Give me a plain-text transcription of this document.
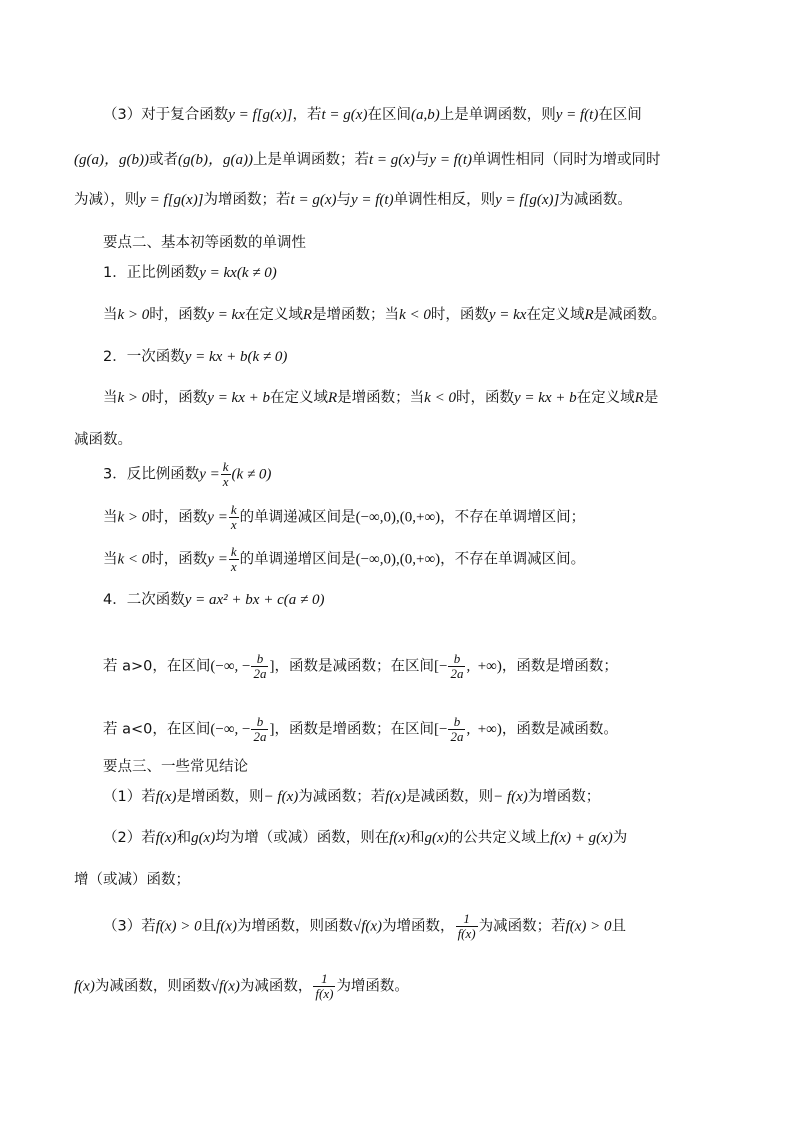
（3）对于复合函数y = f[g(x)]，若t = g(x)在区间(a,b)上是单调函数，则y = f(t)在区间
(g(a)，g(b))或者(g(b)，g(a))上是单调函数；若t = g(x)与y = f(t)单调性相同（同时为增或同时
为减），则y = f[g(x)]为增函数；若t = g(x)与y = f(t)单调性相反，则y = f[g(x)]为减函数。
要点二、基本初等函数的单调性
1．正比例函数y = kx(k ≠ 0)
当k > 0时，函数y = kx在定义域R是增函数；当k < 0时，函数y = kx在定义域R是减函数。
2．一次函数y = kx + b(k ≠ 0)
当k > 0时，函数y = kx + b在定义域R是增函数；当k < 0时，函数y = kx + b在定义域R是
减函数。
3．反比例函数$y = \frac{k}{x} (k \ne 0)$
当k > 0时，函数$y = \frac{k}{x}$ 的单调递减区间是(−∞,0),(0,+∞)，不存在单调增区间；
当k < 0时，函数$y = \frac{k}{x}$ 的单调递增区间是(−∞,0),(0,+∞)，不存在单调减区间。
4．二次函数y = ax² + bx + c(a ≠ 0)
若 a>0，在区间(−∞, − $\frac{b}{2a}$ ]，函数是减函数；在区间[− $\frac{b}{2a}$ ,  +∞)，函数是增函数；
若 a<0，在区间(−∞, − $\frac{b}{2a}$ ]，函数是增函数；在区间[− $\frac{b}{2a}$ ,  +∞)，函数是减函数。
要点三、一些常见结论
（1）若f(x)是增函数，则− f(x)为减函数；若f(x)是减函数，则− f(x)为增函数；
（2）若f(x)和g(x)均为增（或减）函数，则在f(x)和g(x)的公共定义域上f(x) + g(x)为
增（或减）函数；
（3）若f(x) > 0且f(x)为增函数，则函数√f(x)为增函数， $\frac{1}{f(x)}$ 为减函数；若f(x) > 0且
f(x)为减函数，则函数√f(x)为减函数， $\frac{1}{f(x)}$ 为增函数。
